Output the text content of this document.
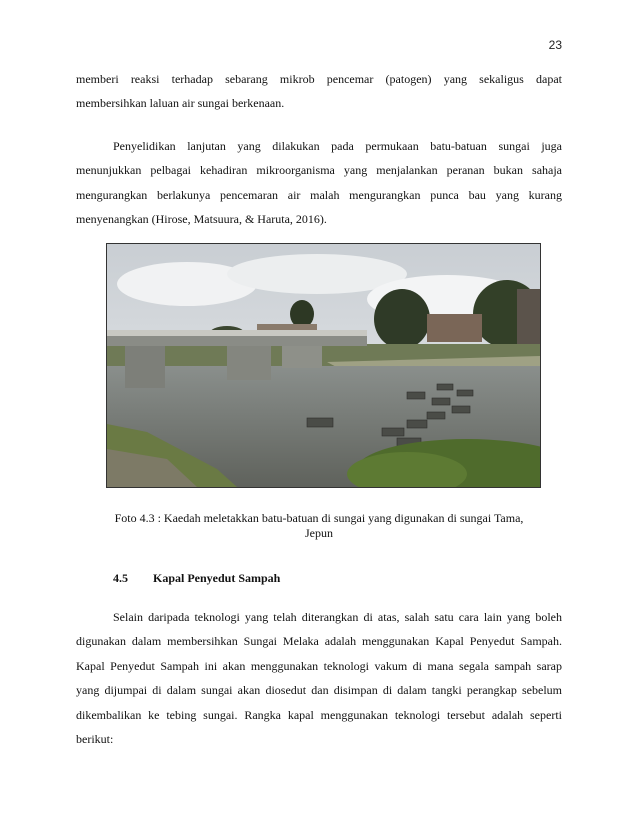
23

memberi reaksi terhadap sebarang mikrob pencemar (patogen) yang sekaligus dapat
membersihkan laluan air sungai berkenaan.

Penyelidikan lanjutan yang dilakukan pada permukaan batu-batuan sungai juga
menunjukkan pelbagai kehadiran mikroorganisma yang menjalankan peranan bukan sahaja
mengurangkan berlakunya pencemaran air malah mengurangkan punca bau yang kurang
menyenangkan (Hirose, Matsuura, & Haruta, 2016).

Foto 4.3 : Kaedah meletakkan batu-batuan di sungai yang digunakan di sungai Tama,
Jepun
4.5 Kapal Penyedut Sampah

Selain daripada teknologi yang telah diterangkan di atas, salah satu cara lain yang boleh
digunakan dalam membersihkan Sungai Melaka adalah menggunakan Kapal Penyedut Sampah.
Kapal Penyedut Sampah ini akan menggunakan teknologi vakum di mana segala sampah sarap
yang dijumpai di dalam sungai akan diosedut dan disimpan di dalam tangki perangkap sebelum
dikembalikan ke tebing sungai. Rangka kapal menggunakan teknologi tersebut adalah seperti
berikut:
